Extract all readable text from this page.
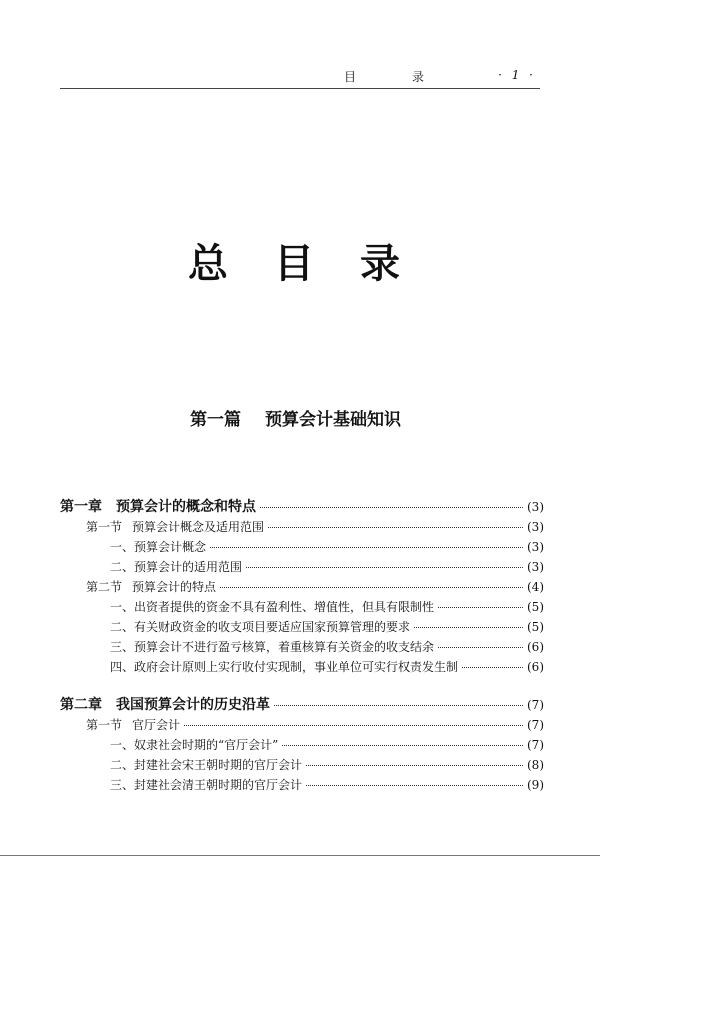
目　录	· 1 ·
总目录
第一篇 预算会计基础知识
第一章 预算会计的概念和特点	(3)
第一节 预算会计概念及适用范围	(3)
一、预算会计概念	(3)
二、预算会计的适用范围	(3)
第二节 预算会计的特点	(4)
一、出资者提供的资金不具有盈利性、增值性，但具有限制性	(5)
二、有关财政资金的收支项目要适应国家预算管理的要求	(5)
三、预算会计不进行盈亏核算，着重核算有关资金的收支结余	(6)
四、政府会计原则上实行收付实现制，事业单位可实行权责发生制	(6)
第二章 我国预算会计的历史沿革	(7)
第一节 官厅会计	(7)
一、奴隶社会时期的“官厅会计”	(7)
二、封建社会宋王朝时期的官厅会计	(8)
三、封建社会清王朝时期的官厅会计	(9)
